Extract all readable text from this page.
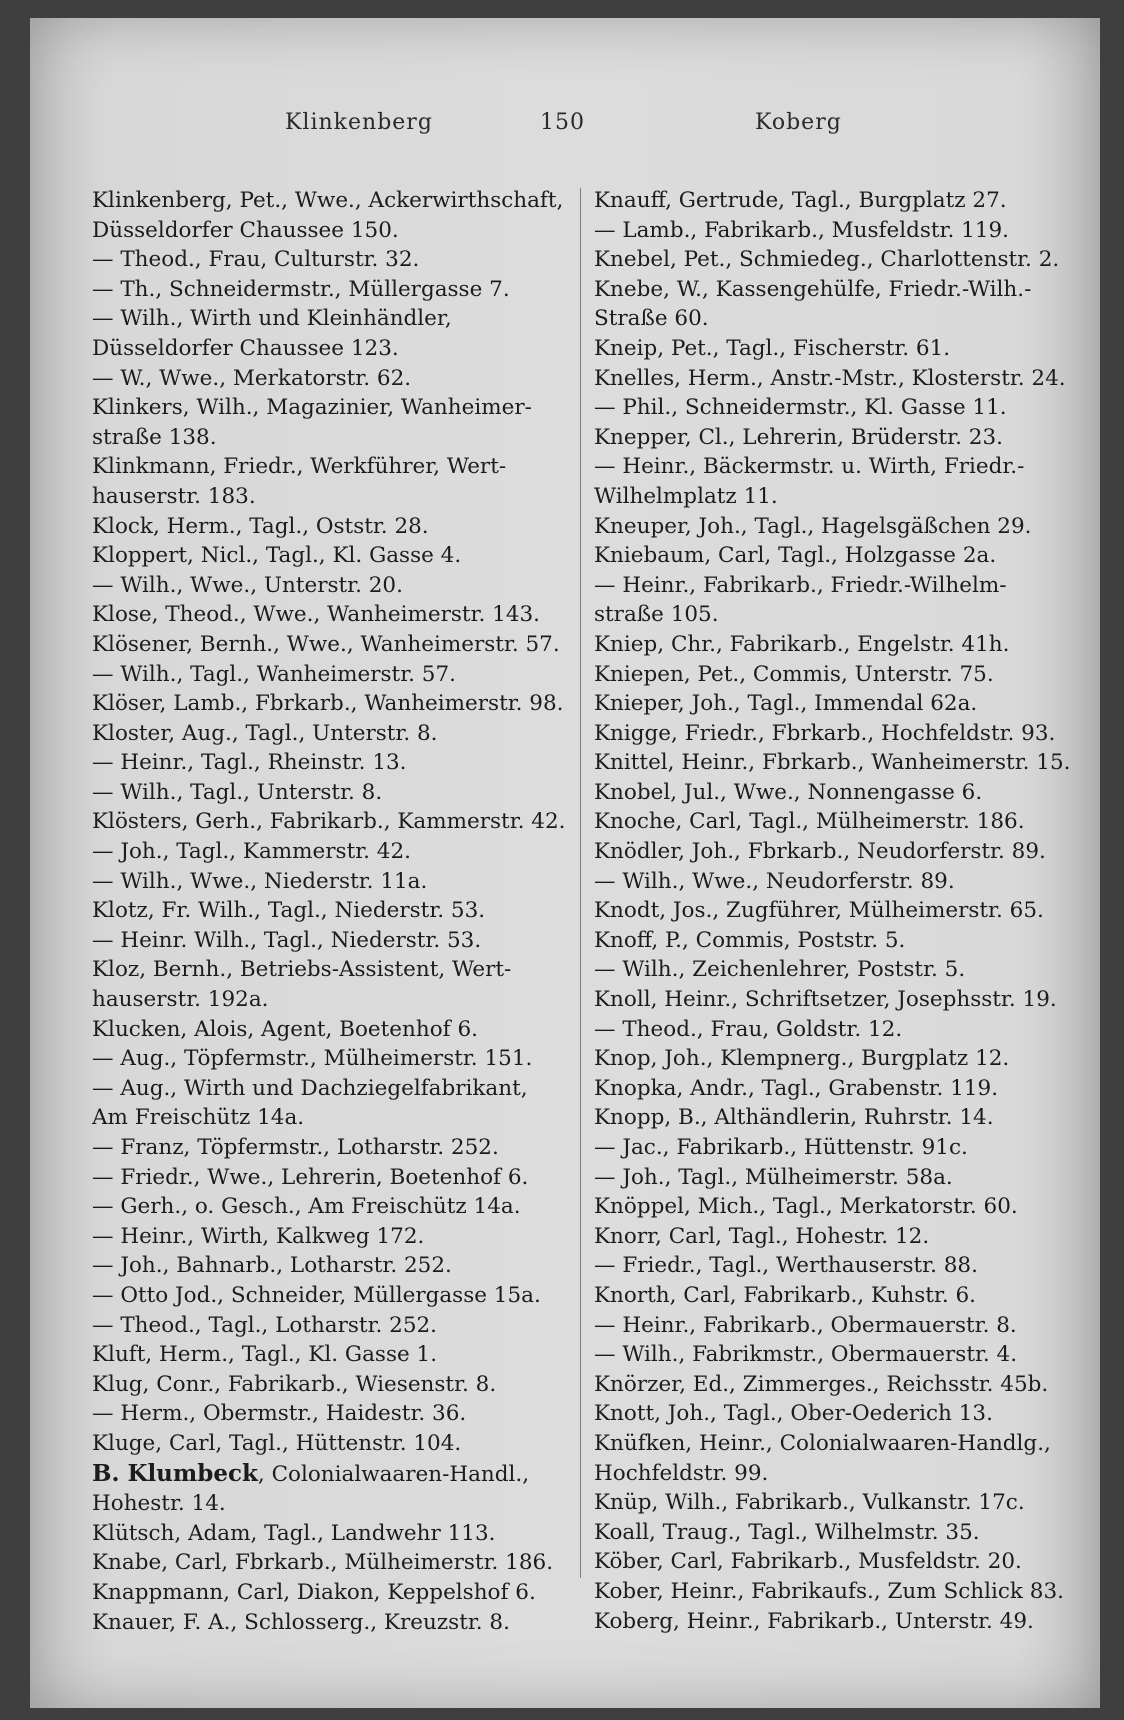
Klinkenberg	150	Koberg
Klinkenberg, Pet., Wwe., Ackerwirthschaft,
Düsseldorfer Chaussee 150.
— Theod., Frau, Culturstr. 32.
— Th., Schneidermstr., Müllergasse 7.
— Wilh., Wirth und Kleinhändler,
Düsseldorfer Chaussee 123.
— W., Wwe., Merkatorstr. 62.
Klinkers, Wilh., Magazinier, Wanheimer-
straße 138.
Klinkmann, Friedr., Werkführer, Wert-
hauserstr. 183.
Klock, Herm., Tagl., Oststr. 28.
Kloppert, Nicl., Tagl., Kl. Gasse 4.
— Wilh., Wwe., Unterstr. 20.
Klose, Theod., Wwe., Wanheimerstr. 143.
Klösener, Bernh., Wwe., Wanheimerstr. 57.
— Wilh., Tagl., Wanheimerstr. 57.
Klöser, Lamb., Fbrkarb., Wanheimerstr. 98.
Kloster, Aug., Tagl., Unterstr. 8.
— Heinr., Tagl., Rheinstr. 13.
— Wilh., Tagl., Unterstr. 8.
Klösters, Gerh., Fabrikarb., Kammerstr. 42.
— Joh., Tagl., Kammerstr. 42.
— Wilh., Wwe., Niederstr. 11a.
Klotz, Fr. Wilh., Tagl., Niederstr. 53.
— Heinr. Wilh., Tagl., Niederstr. 53.
Kloz, Bernh., Betriebs-Assistent, Wert-
hauserstr. 192a.
Klucken, Alois, Agent, Boetenhof 6.
— Aug., Töpfermstr., Mülheimerstr. 151.
— Aug., Wirth und Dachziegelfabrikant,
Am Freischütz 14a.
— Franz, Töpfermstr., Lotharstr. 252.
— Friedr., Wwe., Lehrerin, Boetenhof 6.
— Gerh., o. Gesch., Am Freischütz 14a.
— Heinr., Wirth, Kalkweg 172.
— Joh., Bahnarb., Lotharstr. 252.
— Otto Jod., Schneider, Müllergasse 15a.
— Theod., Tagl., Lotharstr. 252.
Kluft, Herm., Tagl., Kl. Gasse 1.
Klug, Conr., Fabrikarb., Wiesenstr. 8.
— Herm., Obermstr., Haidestr. 36.
Kluge, Carl, Tagl., Hüttenstr. 104.
B. Klumbeck, Colonialwaaren-Handl.,
Hohestr. 14.
Klütsch, Adam, Tagl., Landwehr 113.
Knabe, Carl, Fbrkarb., Mülheimerstr. 186.
Knappmann, Carl, Diakon, Keppelshof 6.
Knauer, F. A., Schlosserg., Kreuzstr. 8.
Knauff, Gertrude, Tagl., Burgplatz 27.
— Lamb., Fabrikarb., Musfeldstr. 119.
Knebel, Pet., Schmiedeg., Charlottenstr. 2.
Knebe, W., Kassengehülfe, Friedr.-Wilh.-
Straße 60.
Kneip, Pet., Tagl., Fischerstr. 61.
Knelles, Herm., Anstr.-Mstr., Klosterstr. 24.
— Phil., Schneidermstr., Kl. Gasse 11.
Knepper, Cl., Lehrerin, Brüderstr. 23.
— Heinr., Bäckermstr. u. Wirth, Friedr.-
Wilhelmplatz 11.
Kneuper, Joh., Tagl., Hagelsgäßchen 29.
Kniebaum, Carl, Tagl., Holzgasse 2a.
— Heinr., Fabrikarb., Friedr.-Wilhelm-
straße 105.
Kniep, Chr., Fabrikarb., Engelstr. 41h.
Kniepen, Pet., Commis, Unterstr. 75.
Knieper, Joh., Tagl., Immendal 62a.
Knigge, Friedr., Fbrkarb., Hochfeldstr. 93.
Knittel, Heinr., Fbrkarb., Wanheimerstr. 15.
Knobel, Jul., Wwe., Nonnengasse 6.
Knoche, Carl, Tagl., Mülheimerstr. 186.
Knödler, Joh., Fbrkarb., Neudorferstr. 89.
— Wilh., Wwe., Neudorferstr. 89.
Knodt, Jos., Zugführer, Mülheimerstr. 65.
Knoff, P., Commis, Poststr. 5.
— Wilh., Zeichenlehrer, Poststr. 5.
Knoll, Heinr., Schriftsetzer, Josephsstr. 19.
— Theod., Frau, Goldstr. 12.
Knop, Joh., Klempnerg., Burgplatz 12.
Knopka, Andr., Tagl., Grabenstr. 119.
Knopp, B., Althändlerin, Ruhrstr. 14.
— Jac., Fabrikarb., Hüttenstr. 91c.
— Joh., Tagl., Mülheimerstr. 58a.
Knöppel, Mich., Tagl., Merkatorstr. 60.
Knorr, Carl, Tagl., Hohestr. 12.
— Friedr., Tagl., Werthauserstr. 88.
Knorth, Carl, Fabrikarb., Kuhstr. 6.
— Heinr., Fabrikarb., Obermauerstr. 8.
— Wilh., Fabrikmstr., Obermauerstr. 4.
Knörzer, Ed., Zimmerges., Reichsstr. 45b.
Knott, Joh., Tagl., Ober-Oederich 13.
Knüfken, Heinr., Colonialwaaren-Handlg.,
Hochfeldstr. 99.
Knüp, Wilh., Fabrikarb., Vulkanstr. 17c.
Koall, Traug., Tagl., Wilhelmstr. 35.
Köber, Carl, Fabrikarb., Musfeldstr. 20.
Kober, Heinr., Fabrikaufs., Zum Schlick 83.
Koberg, Heinr., Fabrikarb., Unterstr. 49.
